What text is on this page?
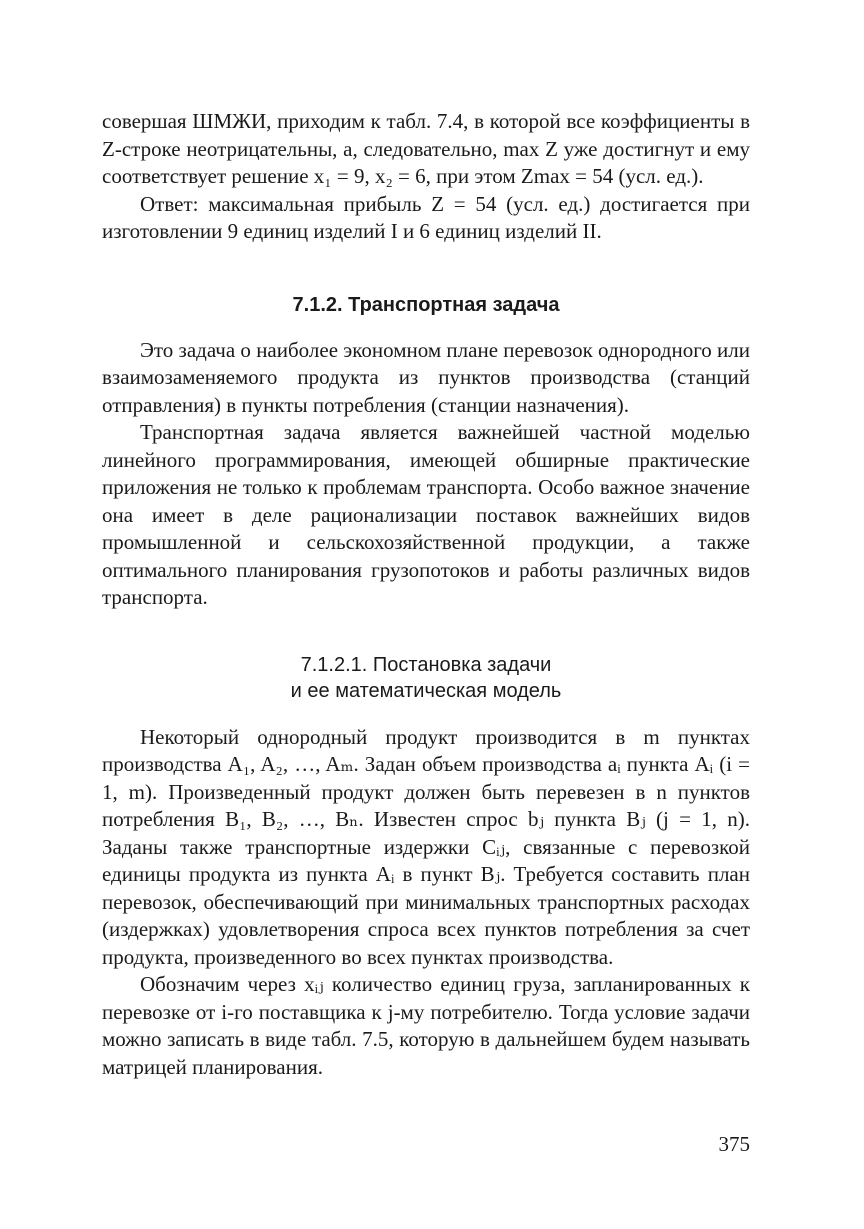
совершая ШМЖИ, приходим к табл. 7.4, в которой все коэффициенты в Z-строке неотрицательны, а, следовательно, max Z уже достигнут и ему соответствует решение x₁ = 9, x₂ = 6, при этом Zmax = 54 (усл. ед.).

Ответ: максимальная прибыль Z = 54 (усл. ед.) достигается при изготовлении 9 единиц изделий I и 6 единиц изделий II.

7.1.2. Транспортная задача

Это задача о наиболее экономном плане перевозок однородного или взаимозаменяемого продукта из пунктов производства (станций отправления) в пункты потребления (станции назначения).

Транспортная задача является важнейшей частной моделью линейного программирования, имеющей обширные практические приложения не только к проблемам транспорта. Особо важное значение она имеет в деле рационализации поставок важнейших видов промышленной и сельскохозяйственной продукции, а также оптимального планирования грузопотоков и работы различных видов транспорта.

7.1.2.1. Постановка задачи
и ее математическая модель

Некоторый однородный продукт производится в m пунктах производства A₁, A₂, …, Aₘ. Задан объем производства aᵢ пункта Aᵢ (i = 1, m). Произведенный продукт должен быть перевезен в n пунктов потребления B₁, B₂, …, Bₙ. Известен спрос bⱼ пункта Bⱼ (j = 1, n). Заданы также транспортные издержки Cᵢⱼ, связанные с перевозкой единицы продукта из пункта Aᵢ в пункт Bⱼ. Требуется составить план перевозок, обеспечивающий при минимальных транспортных расходах (издержках) удовлетворения спроса всех пунктов потребления за счет продукта, произведенного во всех пунктах производства.

Обозначим через xᵢⱼ количество единиц груза, запланированных к перевозке от i-го поставщика к j-му потребителю. Тогда условие задачи можно записать в виде табл. 7.5, которую в дальнейшем будем называть матрицей планирования.

375
